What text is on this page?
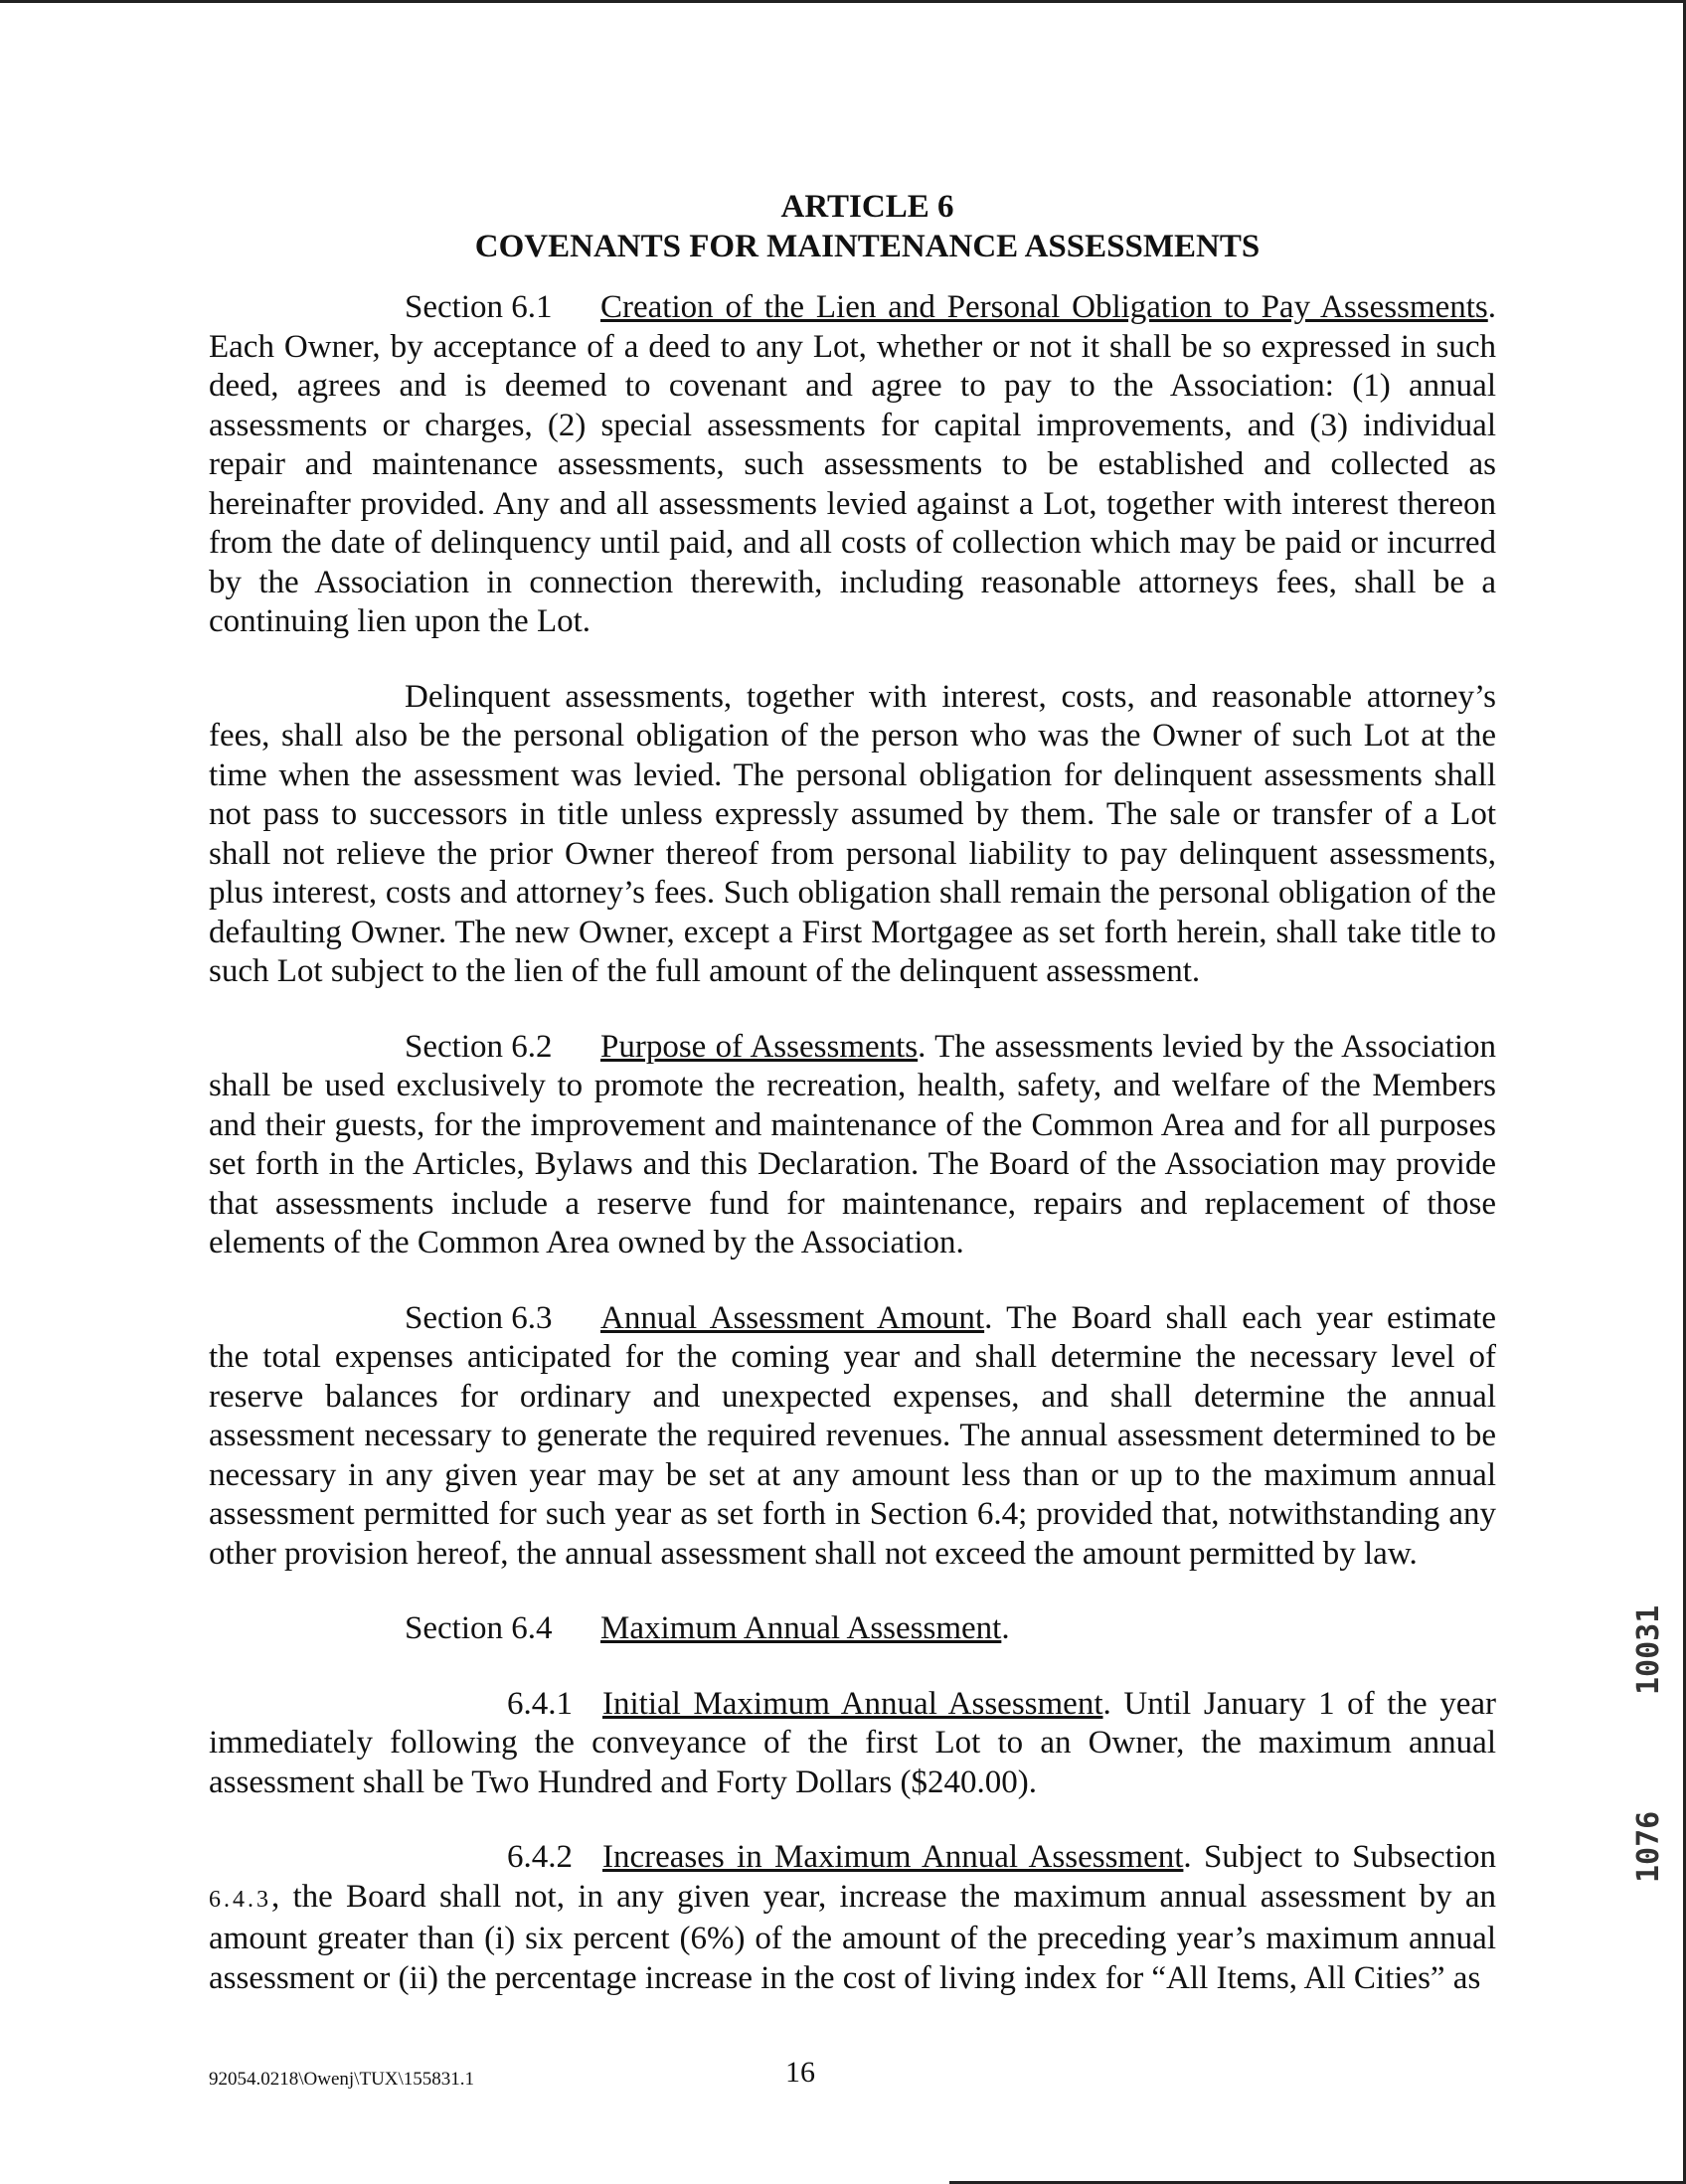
ARTICLE 6
COVENANTS FOR MAINTENANCE ASSESSMENTS

Section 6.1 Creation of the Lien and Personal Obligation to Pay Assessments. Each Owner, by acceptance of a deed to any Lot, whether or not it shall be so expressed in such deed, agrees and is deemed to covenant and agree to pay to the Association: (1) annual assessments or charges, (2) special assessments for capital improvements, and (3) individual repair and maintenance assessments, such assessments to be established and collected as hereinafter provided. Any and all assessments levied against a Lot, together with interest thereon from the date of delinquency until paid, and all costs of collection which may be paid or incurred by the Association in connection therewith, including reasonable attorneys fees, shall be a continuing lien upon the Lot.

Delinquent assessments, together with interest, costs, and reasonable attorney’s fees, shall also be the personal obligation of the person who was the Owner of such Lot at the time when the assessment was levied. The personal obligation for delinquent assessments shall not pass to successors in title unless expressly assumed by them. The sale or transfer of a Lot shall not relieve the prior Owner thereof from personal liability to pay delinquent assessments, plus interest, costs and attorney’s fees. Such obligation shall remain the personal obligation of the defaulting Owner. The new Owner, except a First Mortgagee as set forth herein, shall take title to such Lot subject to the lien of the full amount of the delinquent assessment.

Section 6.2 Purpose of Assessments. The assessments levied by the Association shall be used exclusively to promote the recreation, health, safety, and welfare of the Members and their guests, for the improvement and maintenance of the Common Area and for all purposes set forth in the Articles, Bylaws and this Declaration. The Board of the Association may provide that assessments include a reserve fund for maintenance, repairs and replacement of those elements of the Common Area owned by the Association.

Section 6.3 Annual Assessment Amount. The Board shall each year estimate the total expenses anticipated for the coming year and shall determine the necessary level of reserve balances for ordinary and unexpected expenses, and shall determine the annual assessment necessary to generate the required revenues. The annual assessment determined to be necessary in any given year may be set at any amount less than or up to the maximum annual assessment permitted for such year as set forth in Section 6.4; provided that, notwithstanding any other provision hereof, the annual assessment shall not exceed the amount permitted by law.

Section 6.4 Maximum Annual Assessment.

6.4.1 Initial Maximum Annual Assessment. Until January 1 of the year immediately following the conveyance of the first Lot to an Owner, the maximum annual assessment shall be Two Hundred and Forty Dollars ($240.00).

6.4.2 Increases in Maximum Annual Assessment. Subject to Subsection 6.4.3, the Board shall not, in any given year, increase the maximum annual assessment by an amount greater than (i) six percent (6%) of the amount of the preceding year’s maximum annual assessment or (ii) the percentage increase in the cost of living index for “All Items, All Cities” as

10031
1076
92054.0218\Owenj\TUX\155831.1	16
